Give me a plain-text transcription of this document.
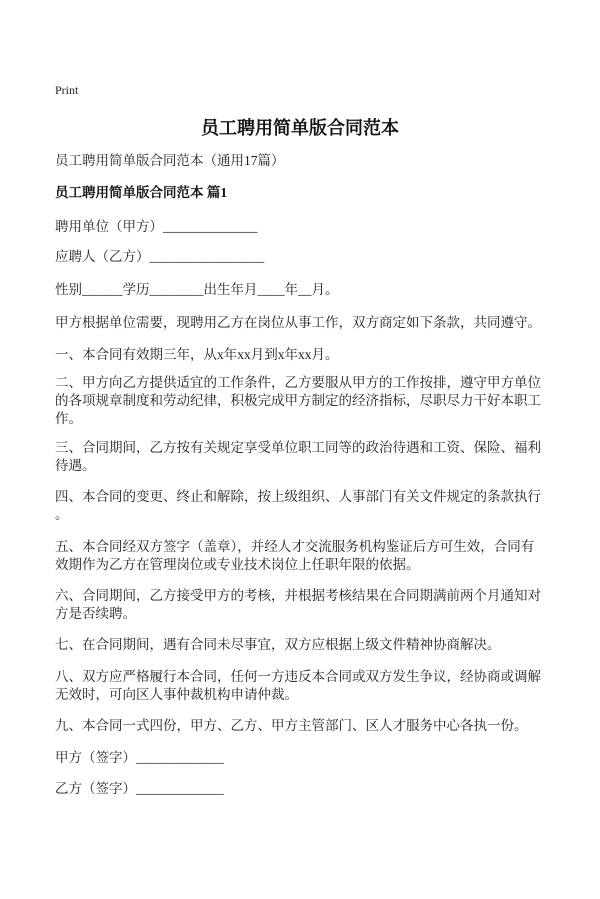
Print
员工聘用简单版合同范本
员工聘用简单版合同范本（通用17篇）
员工聘用简单版合同范本 篇1
聘用单位（甲方）______________
应聘人（乙方）_________________
性别______学历________出生年月____年__月。
甲方根据单位需要，现聘用乙方在岗位从事工作，双方商定如下条款，共同遵守。
一、本合同有效期三年，从x年xx月到x年xx月。
二、甲方向乙方提供适宜的工作条件，乙方要服从甲方的工作按排，遵守甲方单位
的各项规章制度和劳动纪律，积极完成甲方制定的经济指标，尽职尽力干好本职工
作。
三、合同期间，乙方按有关规定享受单位职工同等的政治待遇和工资、保险、福利
待遇。
四、本合同的变更、终止和解除，按上级组织、人事部门有关文件规定的条款执行
。
五、本合同经双方签字（盖章），并经人才交流服务机构鉴证后方可生效，合同有
效期作为乙方在管理岗位或专业技术岗位上任职年限的依据。
六、合同期间，乙方接受甲方的考核，并根据考核结果在合同期满前两个月通知对
方是否续聘。
七、在合同期间，遇有合同未尽事宜，双方应根据上级文件精神协商解决。
八、双方应严格履行本合同，任何一方违反本合同或双方发生争议，经协商或调解
无效时，可向区人事仲裁机构申请仲裁。
九、本合同一式四份，甲方、乙方、甲方主管部门、区人才服务中心各执一份。
甲方（签字）_____________
乙方（签字）_____________
